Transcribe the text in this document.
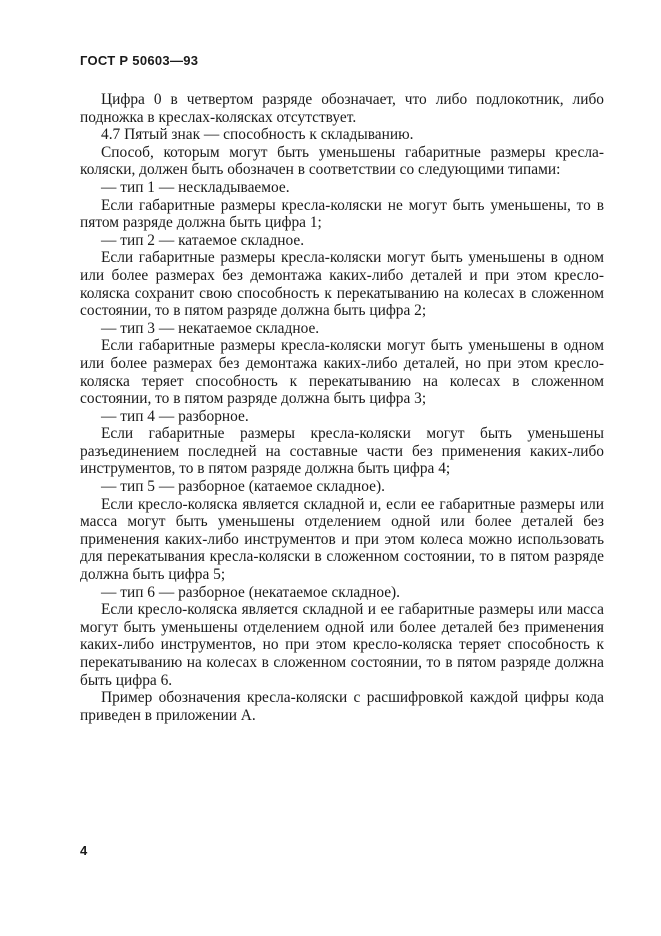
ГОСТ Р 50603—93

Цифра 0 в четвертом разряде обозначает, что либо подлокотник, либо подножка в креслах-колясках отсутствует.

4.7 Пятый знак — способность к складыванию.

Способ, которым могут быть уменьшены габаритные размеры кресла-коляски, должен быть обозначен в соответствии со следующими типами:

— тип 1 — нескладываемое.

Если габаритные размеры кресла-коляски не могут быть уменьшены, то в пятом разряде должна быть цифра 1;

— тип 2 — катаемое складное.

Если габаритные размеры кресла-коляски могут быть уменьшены в одном или более размерах без демонтажа каких-либо деталей и при этом кресло-коляска сохранит свою способность к перекатыванию на колесах в сложенном состоянии, то в пятом разряде должна быть цифра 2;

— тип 3 — некатаемое складное.

Если габаритные размеры кресла-коляски могут быть уменьшены в одном или более размерах без демонтажа каких-либо деталей, но при этом кресло-коляска теряет способность к перекатыванию на колесах в сложенном состоянии, то в пятом разряде должна быть цифра 3;

— тип 4 — разборное.

Если габаритные размеры кресла-коляски могут быть уменьшены разъединением последней на составные части без применения каких-либо инструментов, то в пятом разряде должна быть цифра 4;

— тип 5 — разборное (катаемое складное).

Если кресло-коляска является складной и, если ее габаритные размеры или масса могут быть уменьшены отделением одной или более деталей без применения каких-либо инструментов и при этом колеса можно использовать для перекатывания кресла-коляски в сложенном состоянии, то в пятом разряде должна быть цифра 5;

— тип 6 — разборное (некатаемое складное).

Если кресло-коляска является складной и ее габаритные размеры или масса могут быть уменьшены отделением одной или более деталей без применения каких-либо инструментов, но при этом кресло-коляска теряет способность к перекатыванию на колесах в сложенном состоянии, то в пятом разряде должна быть цифра 6.

Пример обозначения кресла-коляски с расшифровкой каждой цифры кода приведен в приложении А.

4
